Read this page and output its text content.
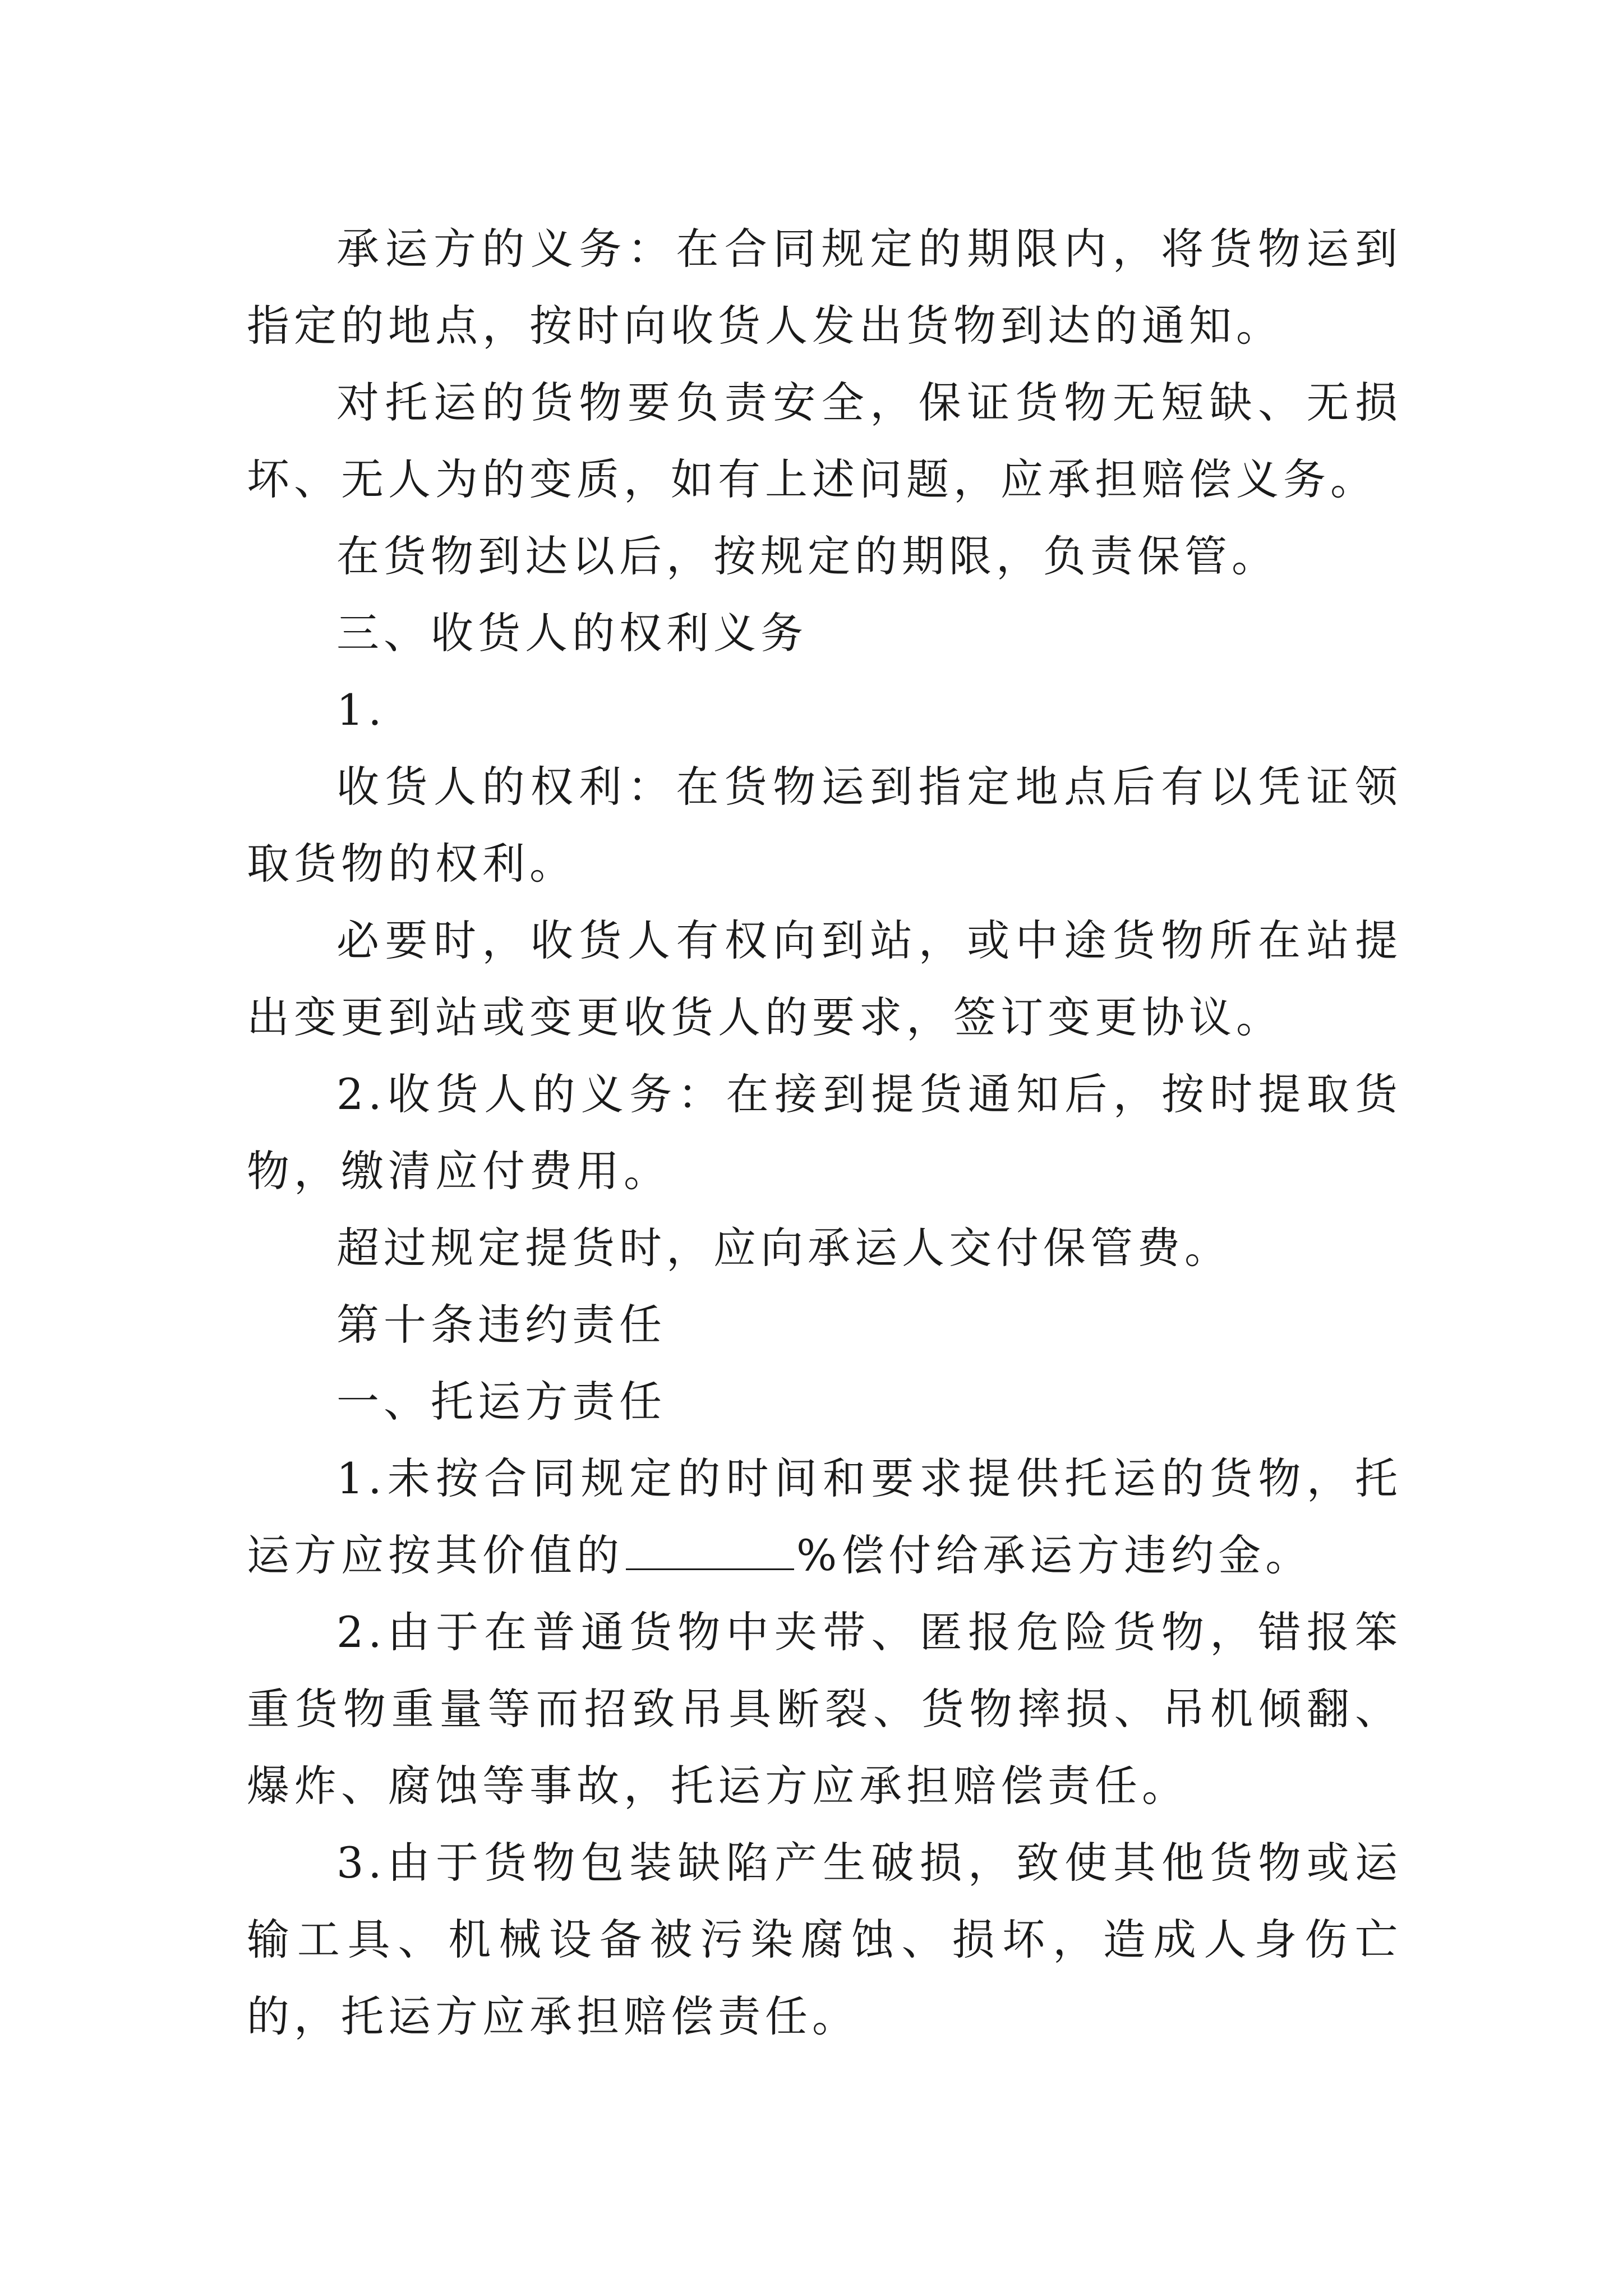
承运方的义务：在合同规定的期限内，将货物运到指定的地点，按时向收货人发出货物到达的通知。

对托运的货物要负责安全，保证货物无短缺、无损坏、无人为的变质，如有上述问题，应承担赔偿义务。

在货物到达以后，按规定的期限，负责保管。

三、收货人的权利义务

1.

收货人的权利：在货物运到指定地点后有以凭证领取货物的权利。

必要时，收货人有权向到站，或中途货物所在站提出变更到站或变更收货人的要求，签订变更协议。

2.收货人的义务：在接到提货通知后，按时提取货物，缴清应付费用。

超过规定提货时，应向承运人交付保管费。

第十条违约责任

一、托运方责任

1.未按合同规定的时间和要求提供托运的货物，托运方应按其价值的	%偿付给承运方违约金。

2.由于在普通货物中夹带、匿报危险货物，错报笨重货物重量等而招致吊具断裂、货物摔损、吊机倾翻、爆炸、腐蚀等事故，托运方应承担赔偿责任。

3.由于货物包装缺陷产生破损，致使其他货物或运输工具、机械设备被污染腐蚀、损坏，造成人身伤亡的，托运方应承担赔偿责任。
